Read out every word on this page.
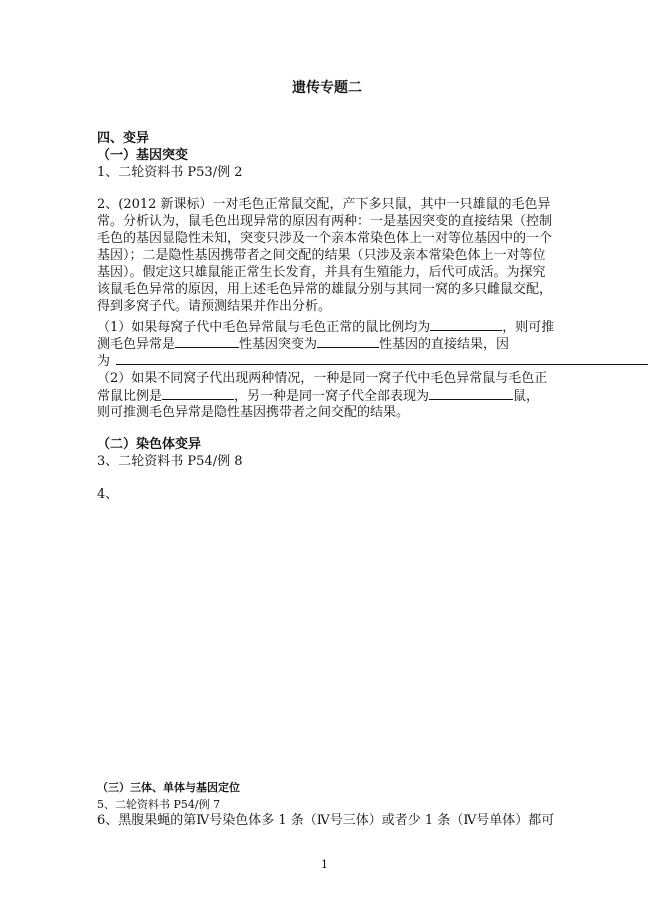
遗传专题二
四、变异
（一）基因突变
1、二轮资料书 P53/例 2
2、(2012 新课标）一对毛色正常鼠交配，产下多只鼠，其中一只雄鼠的毛色异
常。分析认为，鼠毛色出现异常的原因有两种：一是基因突变的直接结果（控制
毛色的基因显隐性未知，突变只涉及一个亲本常染色体上一对等位基因中的一个
基因）；二是隐性基因携带者之间交配的结果（只涉及亲本常染色体上一对等位
基因）。假定这只雄鼠能正常生长发育，并具有生殖能力，后代可成活。为探究
该鼠毛色异常的原因，用上述毛色异常的雄鼠分别与其同一窝的多只雌鼠交配，
得到多窝子代。请预测结果并作出分析。
（1）如果每窝子代中毛色异常鼠与毛色正常的鼠比例均为	，则可推
测毛色异常是	性基因突变为	性基因的直接结果，因
为
（2）如果不同窝子代出现两种情况，一种是同一窝子代中毛色异常鼠与毛色正
常鼠比例是	，另一种是同一窝子代全部表现为	鼠，
则可推测毛色异常是隐性基因携带者之间交配的结果。
（二）染色体变异
3、二轮资料书 P54/例 8
4、
（三）三体、单体与基因定位
5、二轮资料书 P54/例 7
6、黑腹果蝇的第Ⅳ号染色体多 1 条（Ⅳ号三体）或者少 1 条（Ⅳ号单体）都可
1
